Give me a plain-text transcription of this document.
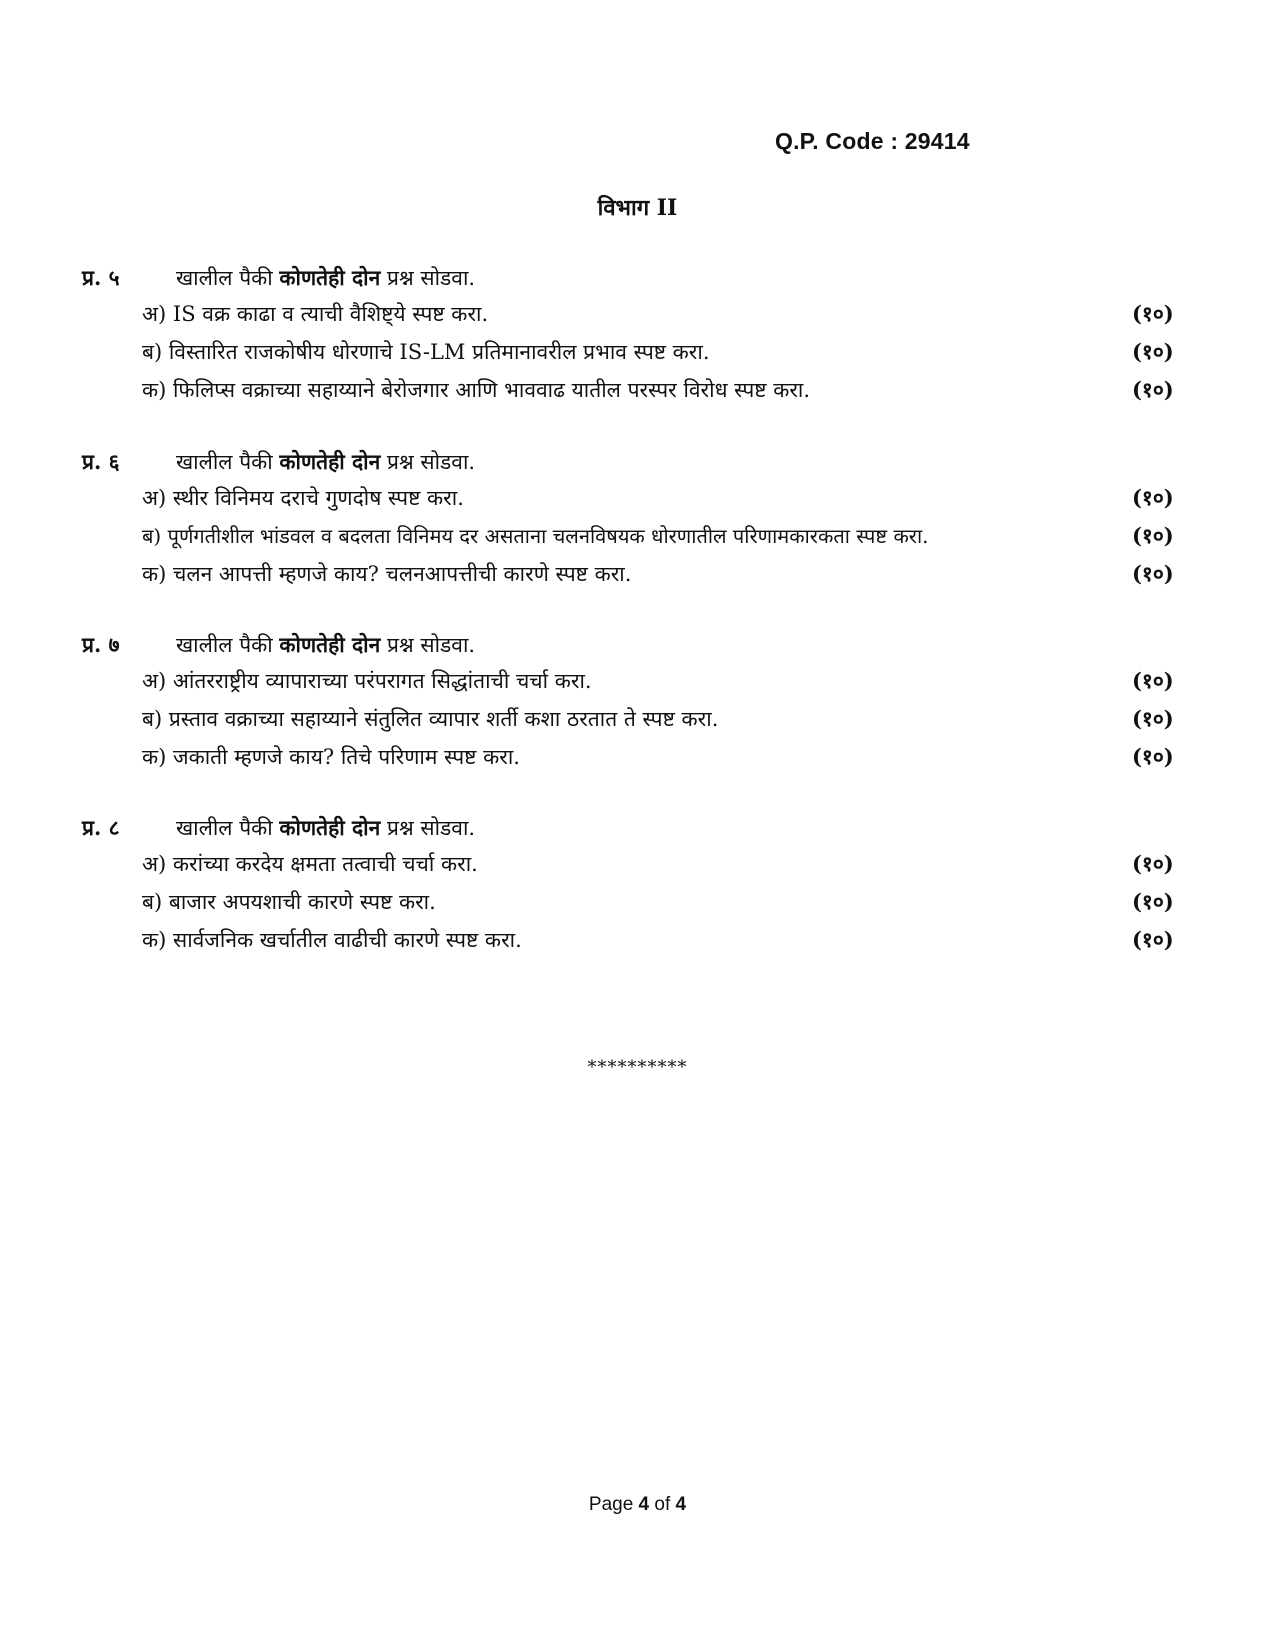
Q.P. Code : 29414
विभाग II
प्र. ५	खालील पैकी कोणतेही दोन प्रश्न सोडवा.
अ) IS वक्र काढा व त्याची वैशिष्ट्ये स्पष्ट करा.	(१०)
ब) विस्तारित राजकोषीय धोरणाचे IS-LM प्रतिमानावरील प्रभाव स्पष्ट करा.	(१०)
क) फिलिप्स वक्राच्या सहाय्याने बेरोजगार आणि भाववाढ यातील परस्पर विरोध स्पष्ट करा.	(१०)
प्र. ६	खालील पैकी कोणतेही दोन प्रश्न सोडवा.
अ) स्थीर विनिमय दराचे गुणदोष स्पष्ट करा.	(१०)
ब) पूर्णगतीशील भांडवल व बदलता विनिमय दर असताना चलनविषयक धोरणातील परिणामकारकता स्पष्ट करा.	(१०)
क) चलन आपत्ती म्हणजे काय? चलनआपत्तीची कारणे स्पष्ट करा.	(१०)
प्र. ७	खालील पैकी कोणतेही दोन प्रश्न सोडवा.
अ) आंतरराष्ट्रीय व्यापाराच्या परंपरागत सिद्धांताची चर्चा करा.	(१०)
ब) प्रस्ताव वक्राच्या सहाय्याने संतुलित व्यापार शर्ती कशा ठरतात ते स्पष्ट करा.	(१०)
क) जकाती म्हणजे काय? तिचे परिणाम स्पष्ट करा.	(१०)
प्र. ८	खालील पैकी कोणतेही दोन प्रश्न सोडवा.
अ) करांच्या करदेय क्षमता तत्वाची चर्चा करा.	(१०)
ब) बाजार अपयशाची कारणे स्पष्ट करा.	(१०)
क) सार्वजनिक खर्चातील वाढीची कारणे स्पष्ट करा.	(१०)
**********
Page 4 of 4
